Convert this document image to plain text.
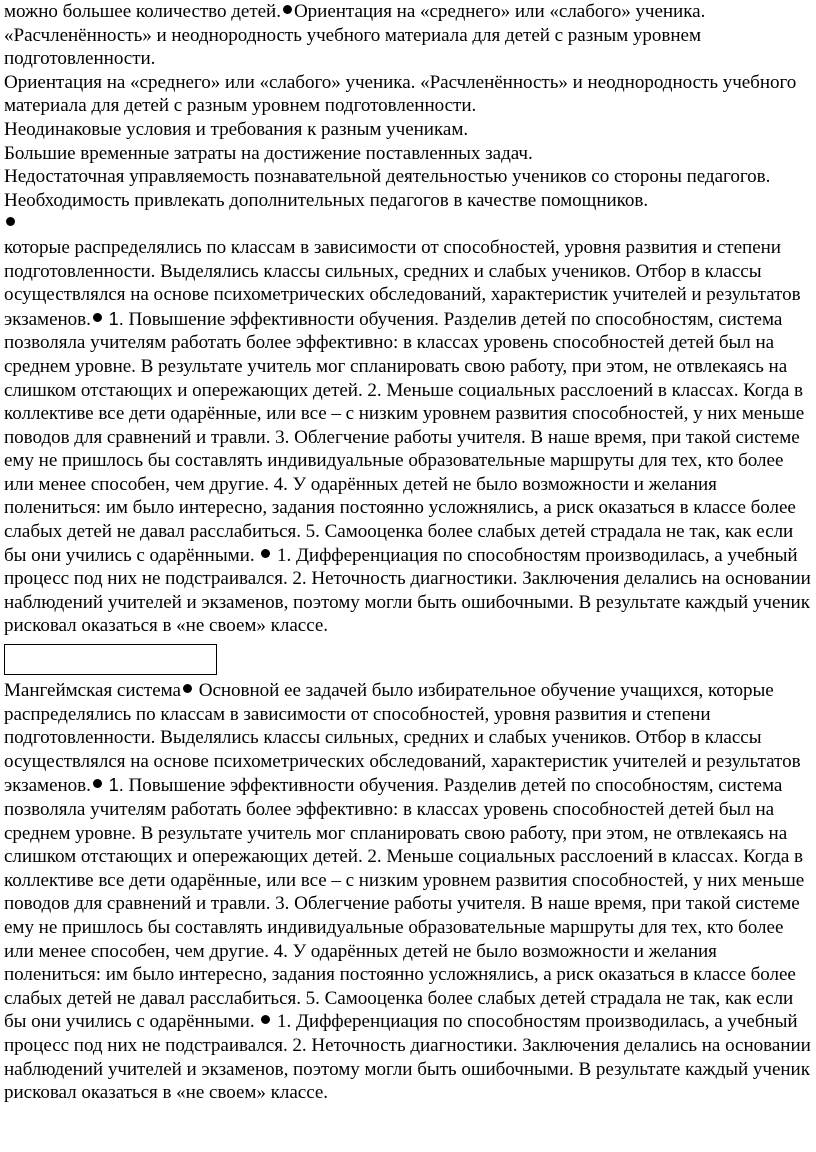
можно большее количество детей. Ориентация на «среднего» или «слабого» ученика. «Расчленённость» и неоднородность учебного материала для детей с разным уровнем подготовленности.

Ориентация на «среднего» или «слабого» ученика. «Расчленённость» и неоднородность учебного материала для детей с разным уровнем подготовленности.

Неодинаковые условия и требования к разным ученикам.

Большие временные затраты на достижение поставленных задач.

Недостаточная управляемость познавательной деятельностью учеников со стороны педагогов.

Необходимость привлекать дополнительных педагогов в качестве помощников.

которые распределялись по классам в зависимости от способностей, уровня развития и степени подготовленности. Выделялись классы сильных, средних и слабых учеников. Отбор в классы осуществлялся на основе психометрических обследований, характеристик учителей и результатов экзаменов. 1. Повышение эффективности обучения. Разделив детей по способностям, система позволяла учителям работать более эффективно: в классах уровень способностей детей был на среднем уровне. В результате учитель мог спланировать свою работу, при этом, не отвлекаясь на слишком отстающих и опережающих детей. 2. Меньше социальных расслоений в классах. Когда в коллективе все дети одарённые, или все – с низким уровнем развития способностей, у них меньше поводов для сравнений и травли. 3. Облегчение работы учителя. В наше время, при такой системе ему не пришлось бы составлять индивидуальные образовательные маршруты для тех, кто более или менее способен, чем другие. 4. У одарённых детей не было возможности и желания полениться: им было интересно, задания постоянно усложнялись, а риск оказаться в классе более слабых детей не давал расслабиться. 5. Самооценка более слабых детей страдала не так, как если бы они учились с одарёнными.  1. Дифференциация по способностям производилась, а учебный процесс под них не подстраивался. 2. Неточность диагностики. Заключения делались на основании наблюдений учителей и экзаменов, поэтому могли быть ошибочными. В результате каждый ученик рисковал оказаться в «не своем» классе.

Мангеймская система Основной ее задачей было избирательное обучение учащихся, которые распределялись по классам в зависимости от способностей, уровня развития и степени подготовленности. Выделялись классы сильных, средних и слабых учеников. Отбор в классы осуществлялся на основе психометрических обследований, характеристик учителей и результатов экзаменов. 1. Повышение эффективности обучения. Разделив детей по способностям, система позволяла учителям работать более эффективно: в классах уровень способностей детей был на среднем уровне. В результате учитель мог спланировать свою работу, при этом, не отвлекаясь на слишком отстающих и опережающих детей. 2. Меньше социальных расслоений в классах. Когда в коллективе все дети одарённые, или все – с низким уровнем развития способностей, у них меньше поводов для сравнений и травли. 3. Облегчение работы учителя. В наше время, при такой системе ему не пришлось бы составлять индивидуальные образовательные маршруты для тех, кто более или менее способен, чем другие. 4. У одарённых детей не было возможности и желания полениться: им было интересно, задания постоянно усложнялись, а риск оказаться в классе более слабых детей не давал расслабиться. 5. Самооценка более слабых детей страдала не так, как если бы они учились с одарёнными.  1. Дифференциация по способностям производилась, а учебный процесс под них не подстраивался. 2. Неточность диагностики. Заключения делались на основании наблюдений учителей и экзаменов, поэтому могли быть ошибочными. В результате каждый ученик рисковал оказаться в «не своем» классе.
